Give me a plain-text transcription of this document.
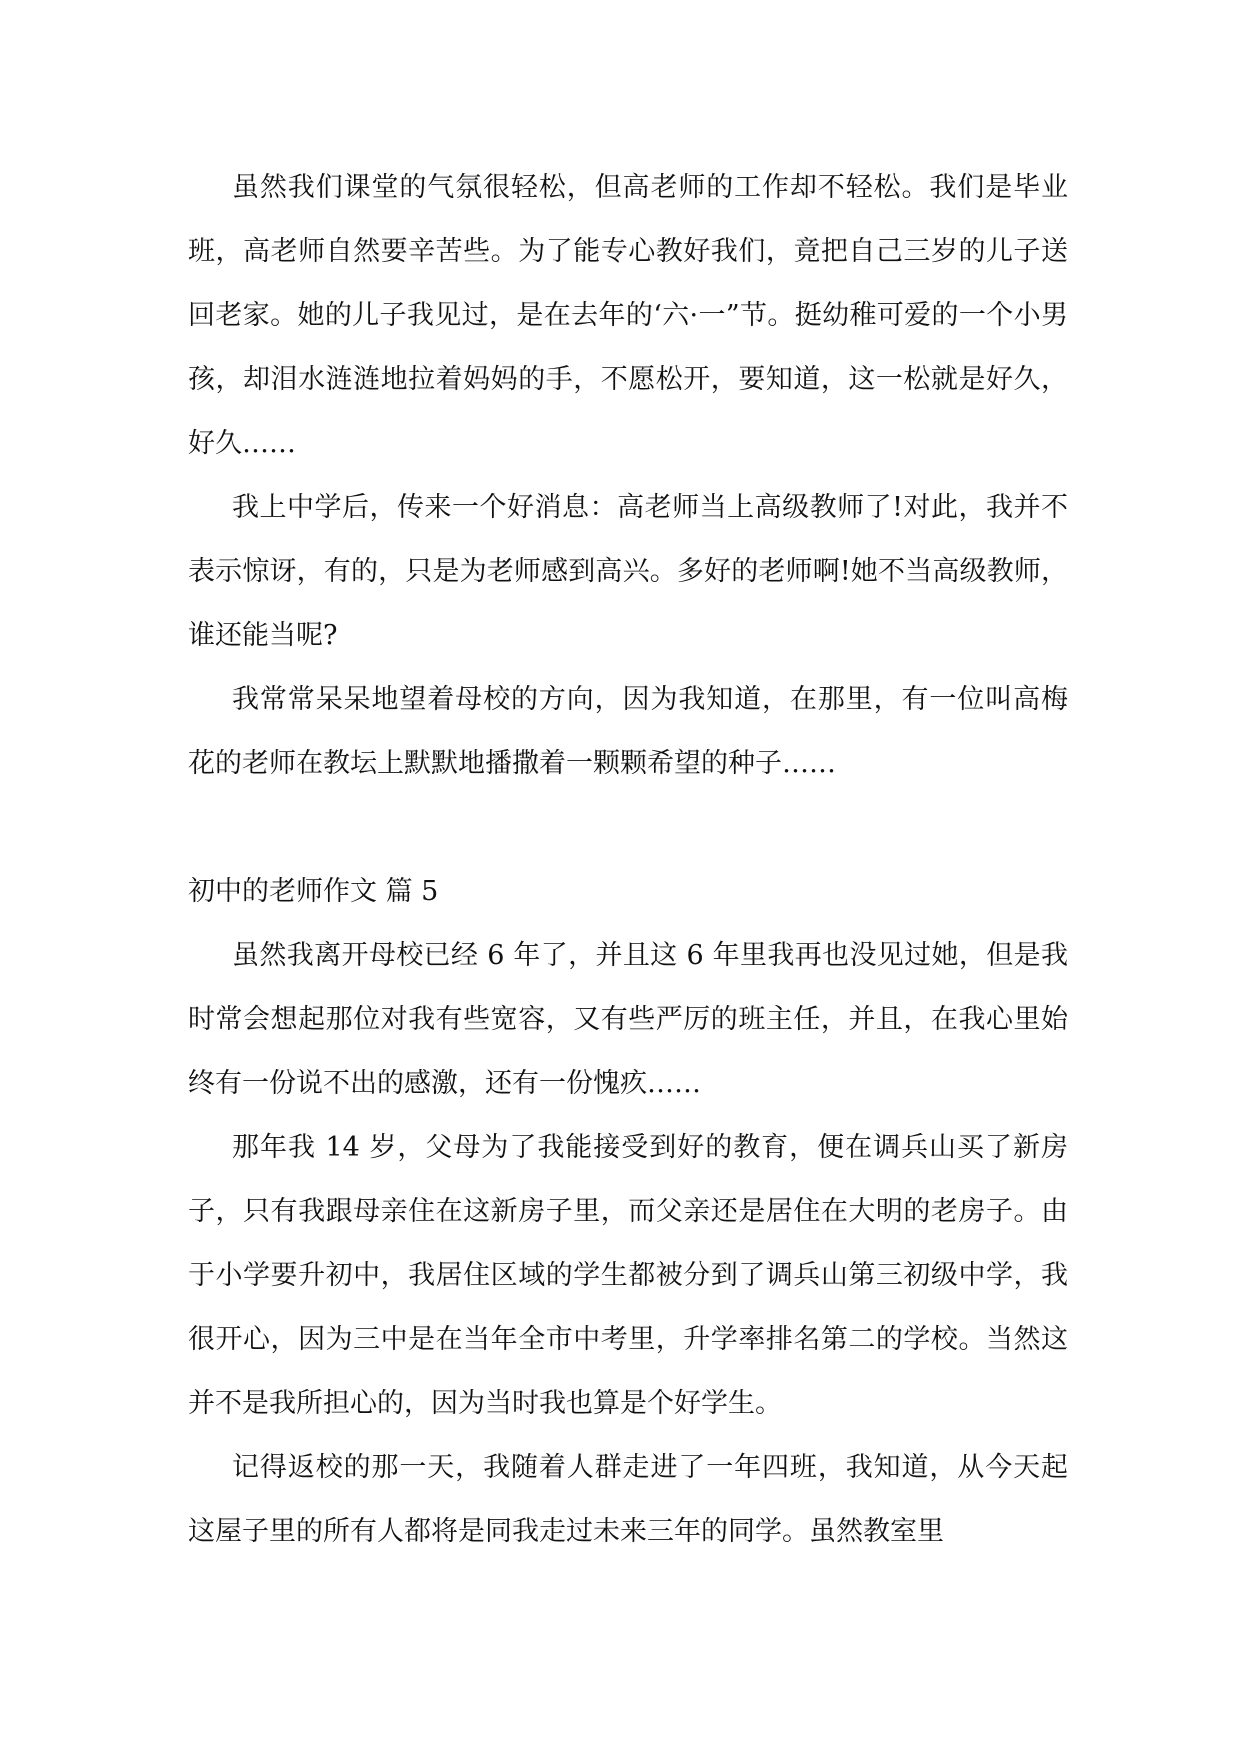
虽然我们课堂的气氛很轻松，但高老师的工作却不轻松。我们是毕业班，高老师自然要辛苦些。为了能专心教好我们，竟把自己三岁的儿子送回老家。她的儿子我见过，是在去年的‘六·一”节。挺幼稚可爱的一个小男孩，却泪水涟涟地拉着妈妈的手，不愿松开，要知道，这一松就是好久，好久……

我上中学后，传来一个好消息：高老师当上高级教师了!对此，我并不表示惊讶，有的，只是为老师感到高兴。多好的老师啊!她不当高级教师，谁还能当呢?

我常常呆呆地望着母校的方向，因为我知道，在那里，有一位叫高梅花的老师在教坛上默默地播撒着一颗颗希望的种子……

初中的老师作文 篇 5

虽然我离开母校已经 6 年了，并且这 6 年里我再也没见过她，但是我时常会想起那位对我有些宽容，又有些严厉的班主任，并且，在我心里始终有一份说不出的感激，还有一份愧疚……

那年我 14 岁，父母为了我能接受到好的教育，便在调兵山买了新房子，只有我跟母亲住在这新房子里，而父亲还是居住在大明的老房子。由于小学要升初中，我居住区域的学生都被分到了调兵山第三初级中学，我很开心，因为三中是在当年全市中考里，升学率排名第二的学校。当然这并不是我所担心的，因为当时我也算是个好学生。

记得返校的那一天，我随着人群走进了一年四班，我知道，从今天起这屋子里的所有人都将是同我走过未来三年的同学。虽然教室里
